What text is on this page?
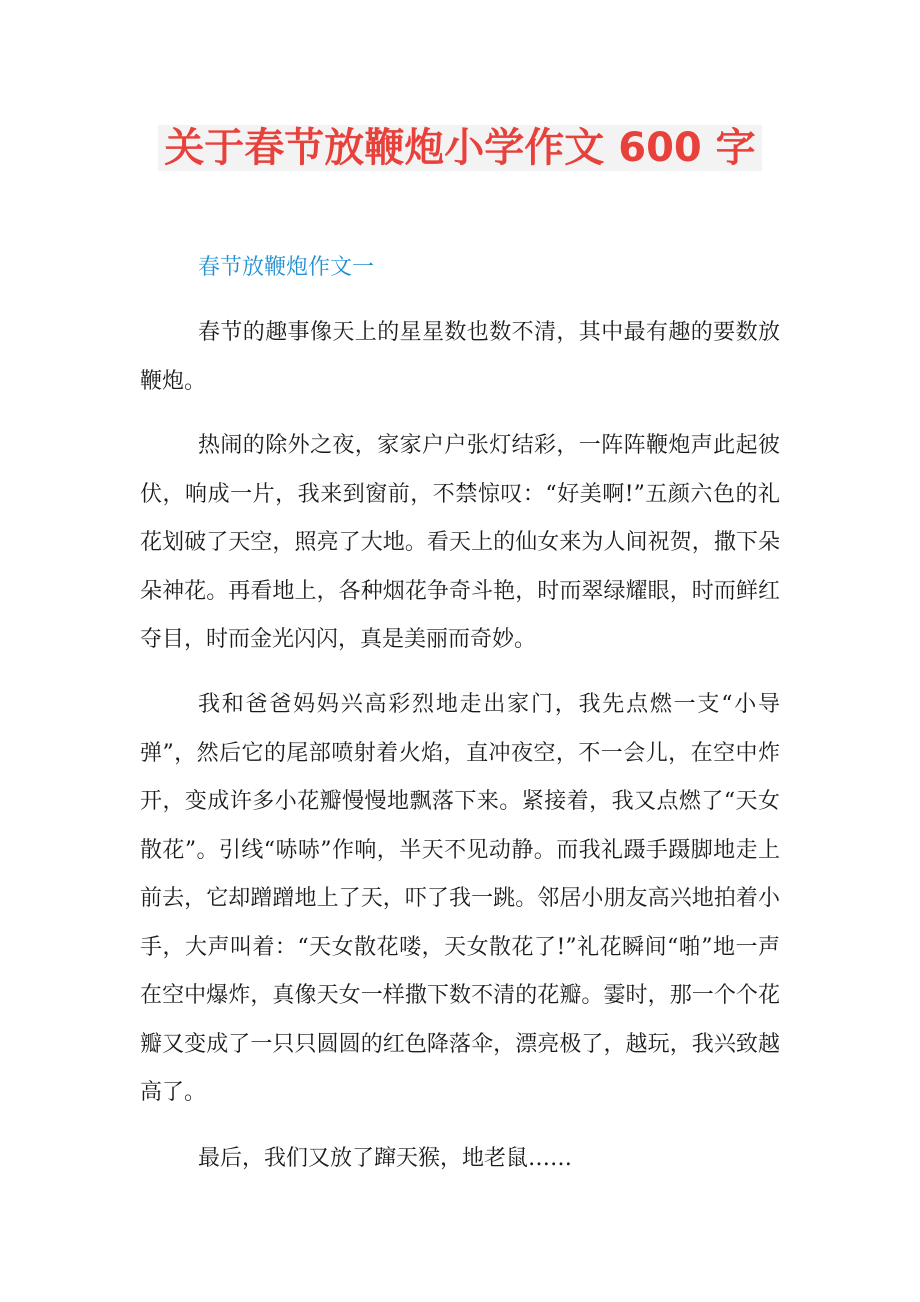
关于春节放鞭炮小学作文 600 字
春节放鞭炮作文一

春节的趣事像天上的星星数也数不清，其中最有趣的要数放鞭炮。

热闹的除外之夜，家家户户张灯结彩，一阵阵鞭炮声此起彼伏，响成一片，我来到窗前，不禁惊叹：“好美啊!”五颜六色的礼花划破了天空，照亮了大地。看天上的仙女来为人间祝贺，撒下朵朵神花。再看地上，各种烟花争奇斗艳，时而翠绿耀眼，时而鲜红夺目，时而金光闪闪，真是美丽而奇妙。

我和爸爸妈妈兴高彩烈地走出家门，我先点燃一支“小导弹”，然后它的尾部喷射着火焰，直冲夜空，不一会儿，在空中炸开，变成许多小花瓣慢慢地飘落下来。紧接着，我又点燃了“天女散花”。引线“哧哧”作响，半天不见动静。而我礼蹑手蹑脚地走上前去，它却蹭蹭地上了天，吓了我一跳。邻居小朋友高兴地拍着小手，大声叫着：“天女散花喽，天女散花了!”礼花瞬间“啪”地一声在空中爆炸，真像天女一样撒下数不清的花瓣。霎时，那一个个花瓣又变成了一只只圆圆的红色降落伞，漂亮极了，越玩，我兴致越高了。

最后，我们又放了蹿天猴，地老鼠……
